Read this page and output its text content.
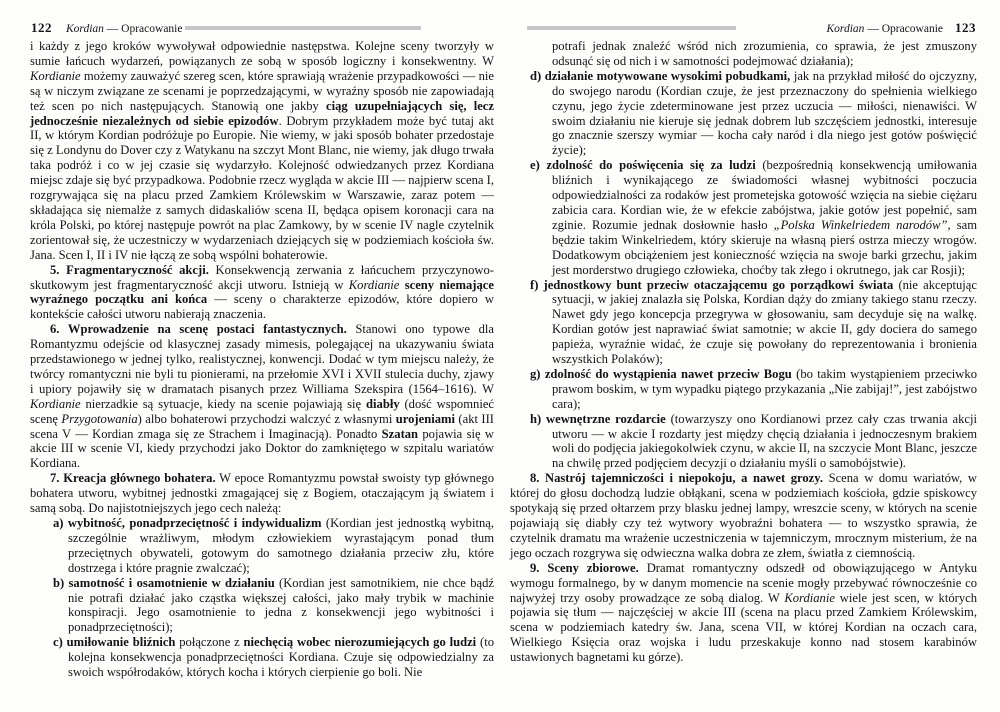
122 Kordian — Opracowanie	Kordian — Opracowanie 123
i każdy z jego kroków wywoływał odpowiednie następstwa. Kolejne sceny tworzyły w sumie łańcuch wydarzeń, powiązanych ze sobą w sposób logiczny i konsekwentny. W Kordianie możemy zauważyć szereg scen, które sprawiają wrażenie przypadkowości — nie są w niczym związane ze scenami je poprzedzającymi, w wyraźny sposób nie zapowiadają też scen po nich następujących. Stanowią one jakby ciąg uzupełniających się, lecz jednocześnie niezależnych od siebie epizodów. Dobrym przykładem może być tutaj akt II, w którym Kordian podróżuje po Europie. Nie wiemy, w jaki sposób bohater przedostaje się z Londynu do Dover czy z Watykanu na szczyt Mont Blanc, nie wiemy, jak długo trwała taka podróż i co w jej czasie się wydarzyło. Kolejność odwiedzanych przez Kordiana miejsc zdaje się być przypadkowa. Podobnie rzecz wygląda w akcie III — najpierw scena I, rozgrywająca się na placu przed Zamkiem Królewskim w Warszawie, zaraz potem — składająca się niemalże z samych didaskaliów scena II, będąca opisem koronacji cara na króla Polski, po której następuje powrót na plac Zamkowy, by w scenie IV nagle czytelnik zorientował się, że uczestniczy w wydarzeniach dziejących się w podziemiach kościoła św. Jana. Scen I, II i IV nie łączą ze sobą wspólni bohaterowie.
5. Fragmentaryczność akcji. Konsekwencją zerwania z łańcuchem przyczynowo-skutkowym jest fragmentaryczność akcji utworu. Istnieją w Kordianie sceny niemające wyraźnego początku ani końca — sceny o charakterze epizodów, które dopiero w kontekście całości utworu nabierają znaczenia.
6. Wprowadzenie na scenę postaci fantastycznych. Stanowi ono typowe dla Romantyzmu odejście od klasycznej zasady mimesis, polegającej na ukazywaniu świata przedstawionego w jednej tylko, realistycznej, konwencji. Dodać w tym miejscu należy, że twórcy romantyczni nie byli tu pionierami, na przełomie XVI i XVII stulecia duchy, zjawy i upiory pojawiły się w dramatach pisanych przez Williama Szekspira (1564–1616). W Kordianie nierzadkie są sytuacje, kiedy na scenie pojawiają się diabły (dość wspomnieć scenę Przygotowania) albo bohaterowi przychodzi walczyć z własnymi urojeniami (akt III scena V — Kordian zmaga się ze Strachem i Imaginacją). Ponadto Szatan pojawia się w akcie III w scenie VI, kiedy przychodzi jako Doktor do zamkniętego w szpitalu wariatów Kordiana.
7. Kreacja głównego bohatera. W epoce Romantyzmu powstał swoisty typ głównego bohatera utworu, wybitnej jednostki zmagającej się z Bogiem, otaczającym ją światem i samą sobą. Do najistotniejszych jego cech należą:
a) wybitność, ponadprzeciętność i indywidualizm (Kordian jest jednostką wybitną, szczególnie wrażliwym, młodym człowiekiem wyrastającym ponad tłum przeciętnych obywateli, gotowym do samotnego działania przeciw złu, które dostrzega i które pragnie zwalczać);
b) samotność i osamotnienie w działaniu (Kordian jest samotnikiem, nie chce bądź nie potrafi działać jako cząstka większej całości, jako mały trybik w machinie konspiracji. Jego osamotnienie to jedna z konsekwencji jego wybitności i ponadprzeciętności);
c) umiłowanie bliźnich połączone z niechęcią wobec nierozumiejących go ludzi (to kolejna konsekwencja ponadprzeciętności Kordiana. Czuje się odpowiedzialny za swoich współrodaków, których kocha i których cierpienie go boli. Nie
potrafi jednak znaleźć wśród nich zrozumienia, co sprawia, że jest zmuszony odsunąć się od nich i w samotności podejmować działania);
d) działanie motywowane wysokimi pobudkami, jak na przykład miłość do ojczyzny, do swojego narodu (Kordian czuje, że jest przeznaczony do spełnienia wielkiego czynu, jego życie zdeterminowane jest przez uczucia — miłości, nienawiści. W swoim działaniu nie kieruje się jednak dobrem lub szczęściem jednostki, interesuje go znacznie szerszy wymiar — kocha cały naród i dla niego jest gotów poświęcić życie);
e) zdolność do poświęcenia się za ludzi (bezpośrednią konsekwencją umiłowania bliźnich i wynikającego ze świadomości własnej wybitności poczucia odpowiedzialności za rodaków jest prometejska gotowość wzięcia na siebie ciężaru zabicia cara. Kordian wie, że w efekcie zabójstwa, jakie gotów jest popełnić, sam zginie. Rozumie jednak dosłownie hasło „Polska Winkelriedem narodów”, sam będzie takim Winkelriedem, który skieruje na własną pierś ostrza mieczy wrogów. Dodatkowym obciążeniem jest konieczność wzięcia na swoje barki grzechu, jakim jest morderstwo drugiego człowieka, choćby tak złego i okrutnego, jak car Rosji);
f) jednostkowy bunt przeciw otaczającemu go porządkowi świata (nie akceptując sytuacji, w jakiej znalazła się Polska, Kordian dąży do zmiany takiego stanu rzeczy. Nawet gdy jego koncepcja przegrywa w głosowaniu, sam decyduje się na walkę. Kordian gotów jest naprawiać świat samotnie; w akcie II, gdy dociera do samego papieża, wyraźnie widać, że czuje się powołany do reprezentowania i bronienia wszystkich Polaków);
g) zdolność do wystąpienia nawet przeciw Bogu (bo takim wystąpieniem przeciwko prawom boskim, w tym wypadku piątego przykazania „Nie zabijaj!”, jest zabójstwo cara);
h) wewnętrzne rozdarcie (towarzyszy ono Kordianowi przez cały czas trwania akcji utworu — w akcie I rozdarty jest między chęcią działania i jednoczesnym brakiem woli do podjęcia jakiegokolwiek czynu, w akcie II, na szczycie Mont Blanc, jeszcze na chwilę przed podjęciem decyzji o działaniu myśli o samobójstwie).
8. Nastrój tajemniczości i niepokoju, a nawet grozy. Scena w domu wariatów, w której do głosu dochodzą ludzie obłąkani, scena w podziemiach kościoła, gdzie spiskowcy spotykają się przed ołtarzem przy blasku jednej lampy, wreszcie sceny, w których na scenie pojawiają się diabły czy też wytwory wyobraźni bohatera — to wszystko sprawia, że czytelnik dramatu ma wrażenie uczestniczenia w tajemniczym, mrocznym misterium, że na jego oczach rozgrywa się odwieczna walka dobra ze złem, światła z ciemnością.
9. Sceny zbiorowe. Dramat romantyczny odszedł od obowiązującego w Antyku wymogu formalnego, by w danym momencie na scenie mogły przebywać równocześnie co najwyżej trzy osoby prowadzące ze sobą dialog. W Kordianie wiele jest scen, w których pojawia się tłum — najczęściej w akcie III (scena na placu przed Zamkiem Królewskim, scena w podziemiach katedry św. Jana, scena VII, w której Kordian na oczach cara, Wielkiego Księcia oraz wojska i ludu przeskakuje konno nad stosem karabinów ustawionych bagnetami ku górze).
